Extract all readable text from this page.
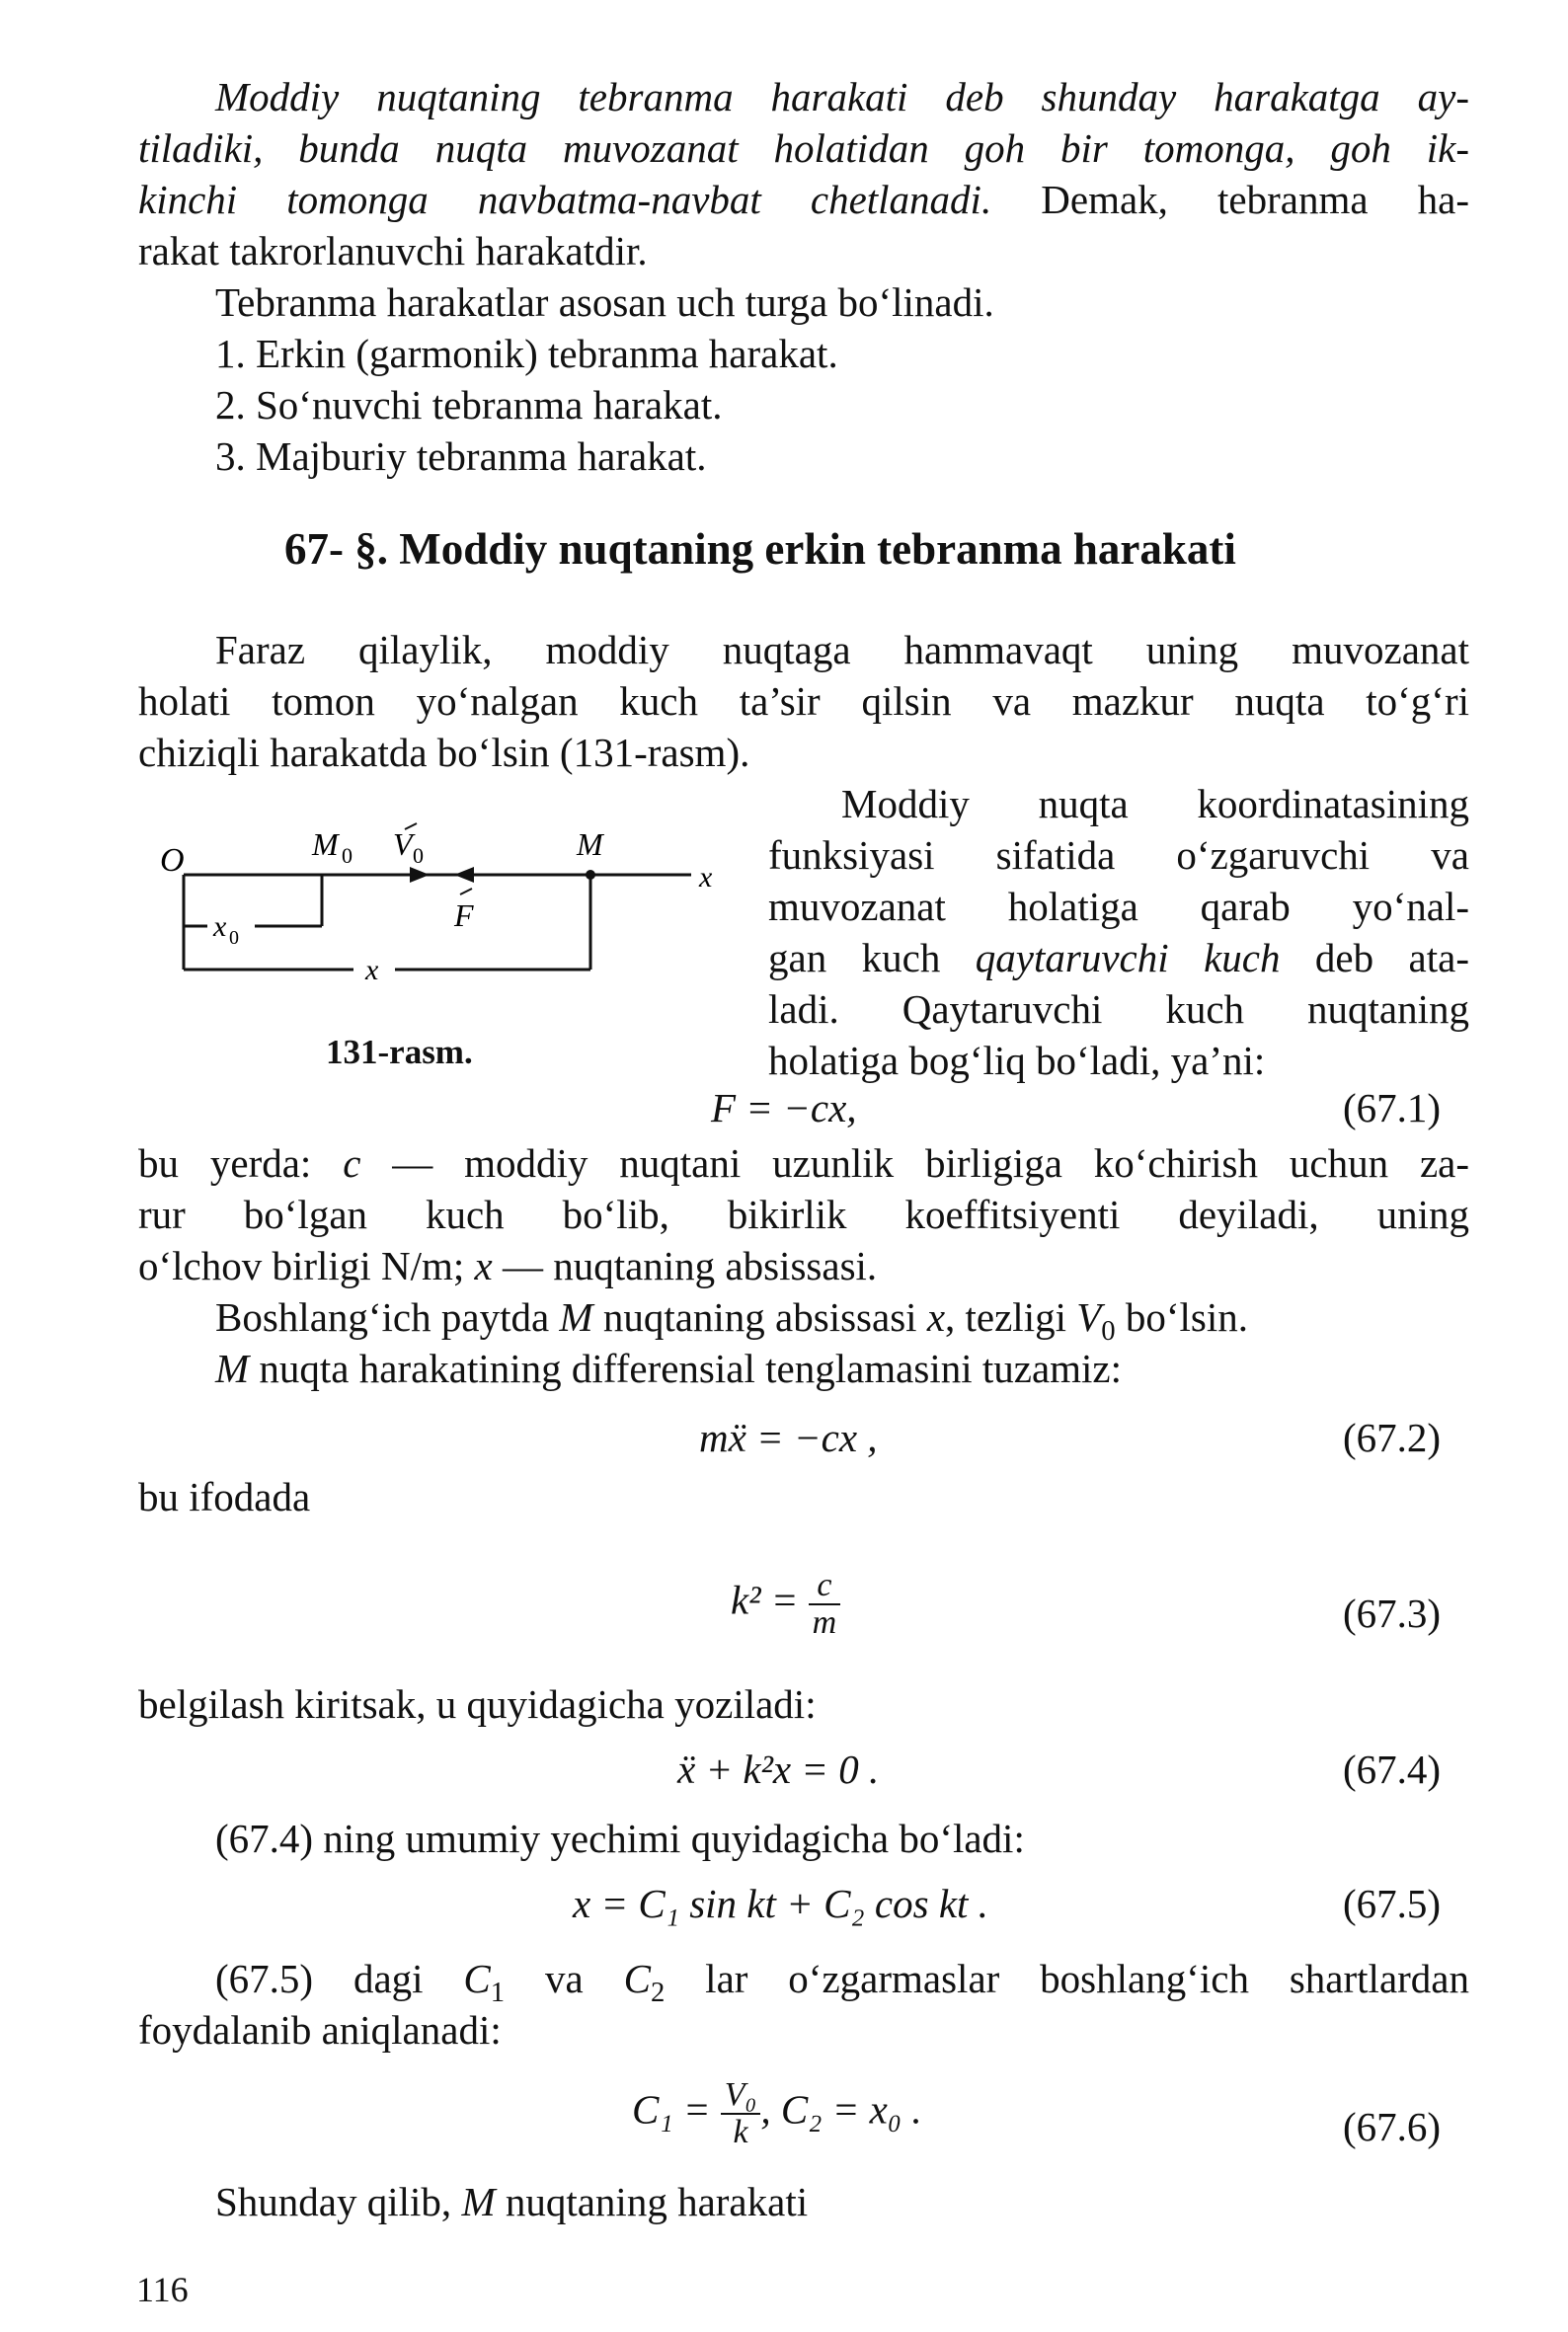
Moddiy nuqtaning tebranma harakati deb shunday harakatga ay-
tiladiki, bunda nuqta muvozanat holatidan goh bir tomonga, goh ik-
kinchi tomonga navbatma-navbat chetlanadi. Demak, tebranma ha-
rakat takrorlanuvchi harakatdir.
Tebranma harakatlar asosan uch turga bo‘linadi.
1. Erkin (garmonik) tebranma harakat.
2. So‘nuvchi tebranma harakat.
3. Majburiy tebranma harakat.
67- §. Moddiy nuqtaning erkin tebranma harakati
Faraz qilaylik, moddiy nuqtaga hammavaqt uning muvozanat
holati tomon yo‘nalgan kuch ta’sir qilsin va mazkur nuqta to‘g‘ri
chiziqli harakatda bo‘lsin (131-rasm).
Moddiy nuqta koordinatasining
funksiyasi sifatida o‘zgaruvchi va
muvozanat holatiga qarab yo‘nal-
gan kuch qaytaruvchi kuch deb ata-
ladi. Qaytaruvchi kuch nuqtaning
holatiga bog‘liq bo‘ladi, ya’ni:
O	M 0 V 0	M
x
F
x 0
x
131-rasm.
F = −cx,	(67.1)
bu yerda: c — moddiy nuqtani uzunlik birligiga ko‘chirish uchun za-
rur bo‘lgan kuch bo‘lib, bikirlik koeffitsiyenti deyiladi, uning
o‘lchov birligi N/m; x — nuqtaning absissasi.
Boshlang‘ich paytda M nuqtaning absissasi x, tezligi $V_0$ bo‘lsin.
M nuqta harakatining differensial tenglamasini tuzamiz:
mẍ = −cx ,	(67.2)
bu ifodada
$k^2 = \frac{c}{m}$	(67.3)
belgilash kiritsak, u quyidagicha yoziladi:
ẍ + k²x = 0 .	(67.4)
(67.4) ning umumiy yechimi quyidagicha bo‘ladi:
x = C₁ sin kt + C₂ cos kt .	(67.5)
(67.5) dagi $C_1$ va $C_2$ lar o‘zgarmaslar boshlang‘ich shartlardan
foydalanib aniqlanadi:
$C_1 = \frac{\text{V₀}}{k}$ , C₂ = x₀ .	(67.6)
Shunday qilib, M nuqtaning harakati
116
